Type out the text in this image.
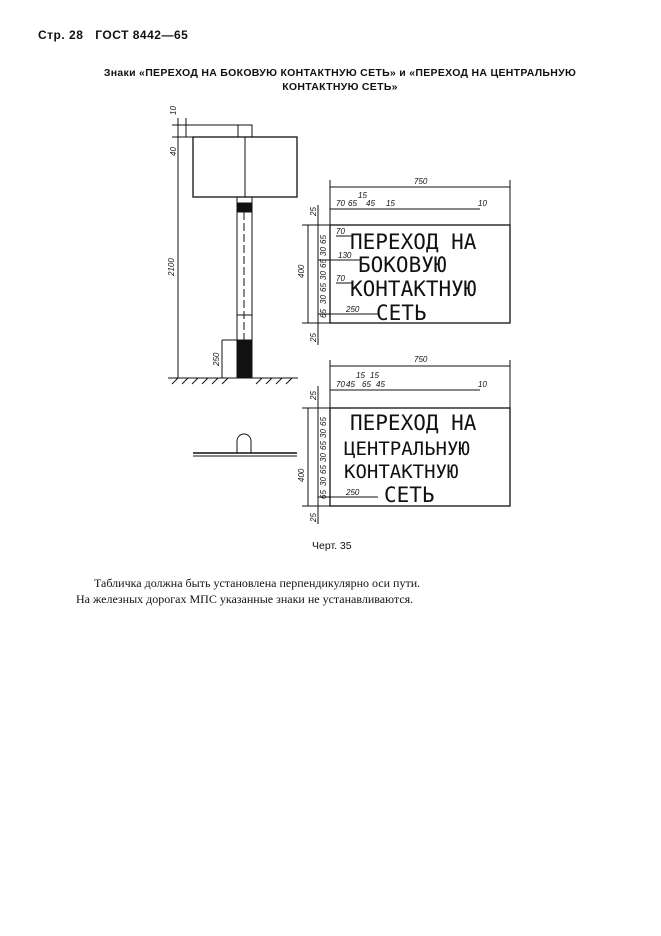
Стр. 28 ГОСТ 8442—65
Знаки «ПЕРЕХОД НА БОКОВУЮ КОНТАКТНУЮ СЕТЬ» и «ПЕРЕХОД НА ЦЕНТРАЛЬНУЮ
КОНТАКТНУЮ СЕТЬ»
10
40
2100
250
750
70 65
15
45 15	10
400
25
65
30
65
30
65
30
65
25
70
130
70
250
ПЕРЕХОД НА
БОКОВУЮ
КОНТАКТНУЮ
СЕТЬ
750
70 45
15
65
15
45	10
400
25
65
30
65
30
65
30
65
25
250
ПЕРЕХОД НА
ЦЕНТРАЛЬНУЮ
КОНТАКТНУЮ
СЕТЬ
Черт. 35
Табличка должна быть установлена перпендикулярно оси пути.
На железных дорогах МПС указанные знаки не устанавливаются.
